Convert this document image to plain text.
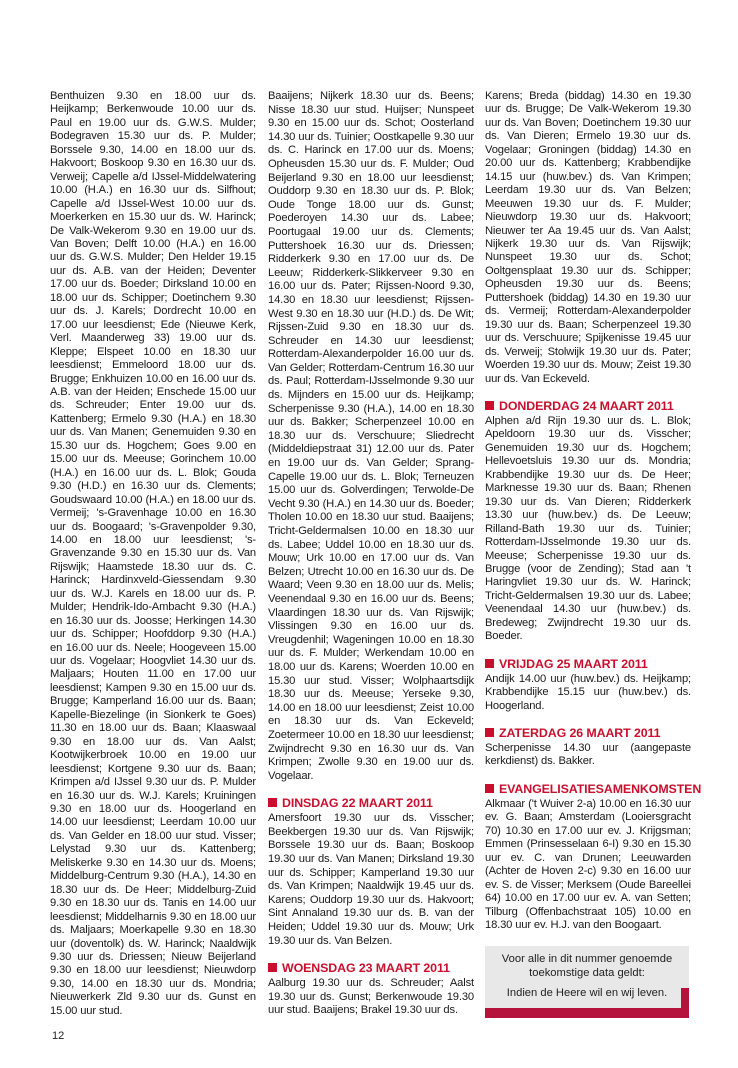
Benthuizen 9.30 en 18.00 uur ds. Heijkamp; Berkenwoude 10.00 uur ds. Paul en 19.00 uur ds. G.W.S. Mulder; Bodegraven 15.30 uur ds. P. Mulder; Borssele 9.30, 14.00 en 18.00 uur ds. Hakvoort; Boskoop 9.30 en 16.30 uur ds. Verweij; Capelle a/d IJssel-Middelwatering 10.00 (H.A.) en 16.30 uur ds. Silfhout; Capelle a/d IJssel-West 10.00 uur ds. Moerkerken en 15.30 uur ds. W. Harinck; De Valk-Wekerom 9.30 en 19.00 uur ds. Van Boven; Delft 10.00 (H.A.) en 16.00 uur ds. G.W.S. Mulder; Den Helder 19.15 uur ds. A.B. van der Heiden; Deventer 17.00 uur ds. Boeder; Dirksland 10.00 en 18.00 uur ds. Schipper; Doetinchem 9.30 uur ds. J. Karels; Dordrecht 10.00 en 17.00 uur leesdienst; Ede (Nieuwe Kerk, Verl. Maanderweg 33) 19.00 uur ds. Kleppe; Elspeet 10.00 en 18.30 uur leesdienst; Emmeloord 18.00 uur ds. Brugge; Enkhuizen 10.00 en 16.00 uur ds. A.B. van der Heiden; Enschede 15.00 uur ds. Schreuder; Enter 19.00 uur ds. Kattenberg; Ermelo 9.30 (H.A.) en 18.30 uur ds. Van Manen; Genemuiden 9.30 en 15.30 uur ds. Hogchem; Goes 9.00 en 15.00 uur ds. Meeuse; Gorinchem 10.00 (H.A.) en 16.00 uur ds. L. Blok; Gouda 9.30 (H.D.) en 16.30 uur ds. Clements; Goudswaard 10.00 (H.A.) en 18.00 uur ds. Vermeij; 's-Gravenhage 10.00 en 16.30 uur ds. Boogaard; 's-Gravenpolder 9.30, 14.00 en 18.00 uur leesdienst; 's-Gravenzande 9.30 en 15.30 uur ds. Van Rijswijk; Haamstede 18.30 uur ds. C. Harinck; Hardinxveld-Giessendam 9.30 uur ds. W.J. Karels en 18.00 uur ds. P. Mulder; Hendrik-Ido-Ambacht 9.30 (H.A.) en 16.30 uur ds. Joosse; Herkingen 14.30 uur ds. Schipper; Hoofddorp 9.30 (H.A.) en 16.00 uur ds. Neele; Hoogeveen 15.00 uur ds. Vogelaar; Hoogvliet 14.30 uur ds. Maljaars; Houten 11.00 en 17.00 uur leesdienst; Kampen 9.30 en 15.00 uur ds. Brugge; Kamperland 16.00 uur ds. Baan; Kapelle-Biezelinge (in Sionkerk te Goes) 11.30 en 18.00 uur ds. Baan; Klaaswaal 9.30 en 18.00 uur ds. Van Aalst; Kootwijkerbroek 10.00 en 19.00 uur leesdienst; Kortgene 9.30 uur ds. Baan; Krimpen a/d IJssel 9.30 uur ds. P. Mulder en 16.30 uur ds. W.J. Karels; Kruiningen 9.30 en 18.00 uur ds. Hoogerland en 14.00 uur leesdienst; Leerdam 10.00 uur ds. Van Gelder en 18.00 uur stud. Visser; Lelystad 9.30 uur ds. Kattenberg; Meliskerke 9.30 en 14.30 uur ds. Moens; Middelburg-Centrum 9.30 (H.A.), 14.30 en 18.30 uur ds. De Heer; Middelburg-Zuid 9.30 en 18.30 uur ds. Tanis en 14.00 uur leesdienst; Middelharnis 9.30 en 18.00 uur ds. Maljaars; Moerkapelle 9.30 en 18.30 uur (doventolk) ds. W. Harinck; Naaldwijk 9.30 uur ds. Driessen; Nieuw Beijerland 9.30 en 18.00 uur leesdienst; Nieuwdorp 9.30, 14.00 en 18.30 uur ds. Mondria; Nieuwerkerk Zld 9.30 uur ds. Gunst en 15.00 uur stud.

Baaijens; Nijkerk 18.30 uur ds. Beens; Nisse 18.30 uur stud. Huijser; Nunspeet 9.30 en 15.00 uur ds. Schot; Oosterland 14.30 uur ds. Tuinier; Oostkapelle 9.30 uur ds. C. Harinck en 17.00 uur ds. Moens; Opheusden 15.30 uur ds. F. Mulder; Oud Beijerland 9.30 en 18.00 uur leesdienst; Ouddorp 9.30 en 18.30 uur ds. P. Blok; Oude Tonge 18.00 uur ds. Gunst; Poederoyen 14.30 uur ds. Labee; Poortugaal 19.00 uur ds. Clements; Puttershoek 16.30 uur ds. Driessen; Ridderkerk 9.30 en 17.00 uur ds. De Leeuw; Ridderkerk-Slikkerveer 9.30 en 16.00 uur ds. Pater; Rijssen-Noord 9.30, 14.30 en 18.30 uur leesdienst; Rijssen-West 9.30 en 18.30 uur (H.D.) ds. De Wit; Rijssen-Zuid 9.30 en 18.30 uur ds. Schreuder en 14.30 uur leesdienst; Rotterdam-Alexanderpolder 16.00 uur ds. Van Gelder; Rotterdam-Centrum 16.30 uur ds. Paul; Rotterdam-IJsselmonde 9.30 uur ds. Mijnders en 15.00 uur ds. Heijkamp; Scherpenisse 9.30 (H.A.), 14.00 en 18.30 uur ds. Bakker; Scherpenzeel 10.00 en 18.30 uur ds. Verschuure; Sliedrecht (Middeldiepstraat 31) 12.00 uur ds. Pater en 19.00 uur ds. Van Gelder; Sprang-Capelle 19.00 uur ds. L. Blok; Terneuzen 15.00 uur ds. Golverdingen; Terwolde-De Vecht 9.30 (H.A.) en 14.30 uur ds. Boeder; Tholen 10.00 en 18.30 uur stud. Baaijens; Tricht-Geldermalsen 10.00 en 18.30 uur ds. Labee; Uddel 10.00 en 18.30 uur ds. Mouw; Urk 10.00 en 17.00 uur ds. Van Belzen; Utrecht 10.00 en 16.30 uur ds. De Waard; Veen 9.30 en 18.00 uur ds. Melis; Veenendaal 9.30 en 16.00 uur ds. Beens; Vlaardingen 18.30 uur ds. Van Rijswijk; Vlissingen 9.30 en 16.00 uur ds. Vreugdenhil; Wageningen 10.00 en 18.30 uur ds. F. Mulder; Werkendam 10.00 en 18.00 uur ds. Karens; Woerden 10.00 en 15.30 uur stud. Visser; Wolphaartsdijk 18.30 uur ds. Meeuse; Yerseke 9.30, 14.00 en 18.00 uur leesdienst; Zeist 10.00 en 18.30 uur ds. Van Eckeveld; Zoetermeer 10.00 en 18.30 uur leesdienst; Zwijndrecht 9.30 en 16.30 uur ds. Van Krimpen; Zwolle 9.30 en 19.00 uur ds. Vogelaar.

DINSDAG 22 MAART 2011

Amersfoort 19.30 uur ds. Visscher; Beekbergen 19.30 uur ds. Van Rijswijk; Borssele 19.30 uur ds. Baan; Boskoop 19.30 uur ds. Van Manen; Dirksland 19.30 uur ds. Schipper; Kamperland 19.30 uur ds. Van Krimpen; Naaldwijk 19.45 uur ds. Karens; Ouddorp 19.30 uur ds. Hakvoort; Sint Annaland 19.30 uur ds. B. van der Heiden; Uddel 19.30 uur ds. Mouw; Urk 19.30 uur ds. Van Belzen.

WOENSDAG 23 MAART 2011

Aalburg 19.30 uur ds. Schreuder; Aalst 19.30 uur ds. Gunst; Berkenwoude 19.30 uur stud. Baaijens; Brakel 19.30 uur ds.

Karens; Breda (biddag) 14.30 en 19.30 uur ds. Brugge; De Valk-Wekerom 19.30 uur ds. Van Boven; Doetinchem 19.30 uur ds. Van Dieren; Ermelo 19.30 uur ds. Vogelaar; Groningen (biddag) 14.30 en 20.00 uur ds. Kattenberg; Krabbendijke 14.15 uur (huw.bev.) ds. Van Krimpen; Leerdam 19.30 uur ds. Van Belzen; Meeuwen 19.30 uur ds. F. Mulder; Nieuwdorp 19.30 uur ds. Hakvoort; Nieuwer ter Aa 19.45 uur ds. Van Aalst; Nijkerk 19.30 uur ds. Van Rijswijk; Nunspeet 19.30 uur ds. Schot; Ooltgensplaat 19.30 uur ds. Schipper; Opheusden 19.30 uur ds. Beens; Puttershoek (biddag) 14.30 en 19.30 uur ds. Vermeij; Rotterdam-Alexanderpolder 19.30 uur ds. Baan; Scherpenzeel 19.30 uur ds. Verschuure; Spijkenisse 19.45 uur ds. Verweij; Stolwijk 19.30 uur ds. Pater; Woerden 19.30 uur ds. Mouw; Zeist 19.30 uur ds. Van Eckeveld.

DONDERDAG 24 MAART 2011

Alphen a/d Rijn 19.30 uur ds. L. Blok; Apeldoorn 19.30 uur ds. Visscher; Genemuiden 19.30 uur ds. Hogchem; Hellevoetsluis 19.30 uur ds. Mondria; Krabbendijke 19.30 uur ds. De Heer; Marknesse 19.30 uur ds. Baan; Rhenen 19.30 uur ds. Van Dieren; Ridderkerk 13.30 uur (huw.bev.) ds. De Leeuw; Rilland-Bath 19.30 uur ds. Tuinier; Rotterdam-IJsselmonde 19.30 uur ds. Meeuse; Scherpenisse 19.30 uur ds. Brugge (voor de Zending); Stad aan 't Haringvliet 19.30 uur ds. W. Harinck; Tricht-Geldermalsen 19.30 uur ds. Labee; Veenendaal 14.30 uur (huw.bev.) ds. Bredeweg; Zwijndrecht 19.30 uur ds. Boeder.

VRIJDAG 25 MAART 2011

Andijk 14.00 uur (huw.bev.) ds. Heijkamp; Krabbendijke 15.15 uur (huw.bev.) ds. Hoogerland.

ZATERDAG 26 MAART 2011

Scherpenisse 14.30 uur (aangepaste kerkdienst) ds. Bakker.

EVANGELISATIESAMENKOMSTEN

Alkmaar ('t Wuiver 2-a) 10.00 en 16.30 uur ev. G. Baan; Amsterdam (Looiersgracht 70) 10.30 en 17.00 uur ev. J. Krijgsman; Emmen (Prinsesselaan 6-I) 9.30 en 15.30 uur ev. C. van Drunen; Leeuwarden (Achter de Hoven 2-c) 9.30 en 16.00 uur ev. S. de Visser; Merksem (Oude Bareellei 64) 10.00 en 17.00 uur ev. A. van Setten; Tilburg (Offenbachstraat 105) 10.00 en 18.30 uur ev. H.J. van den Boogaart.

Voor alle in dit nummer genoemde toekomstige data geldt:

Indien de Heere wil en wij leven.

12
